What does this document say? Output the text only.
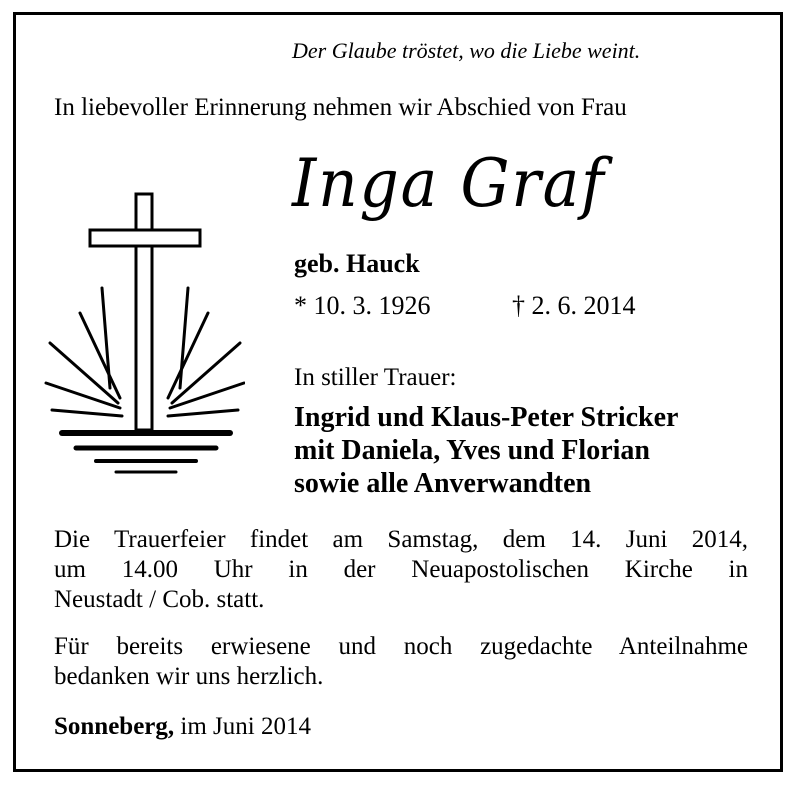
Der Glaube tröstet, wo die Liebe weint.
In liebevoller Erinnerung nehmen wir Abschied von Frau
Inga Graf
geb. Hauck
* 10. 3. 1926	† 2. 6. 2014
In stiller Trauer:
Ingrid und Klaus-Peter Stricker
mit Daniela, Yves und Florian
sowie alle Anverwandten
Die Trauerfeier findet am Samstag, dem 14. Juni 2014,
um 14.00 Uhr in der Neuapostolischen Kirche in
Neustadt / Cob. statt.
Für bereits erwiesene und noch zugedachte Anteilnahme
bedanken wir uns herzlich.
Sonneberg, im Juni 2014
